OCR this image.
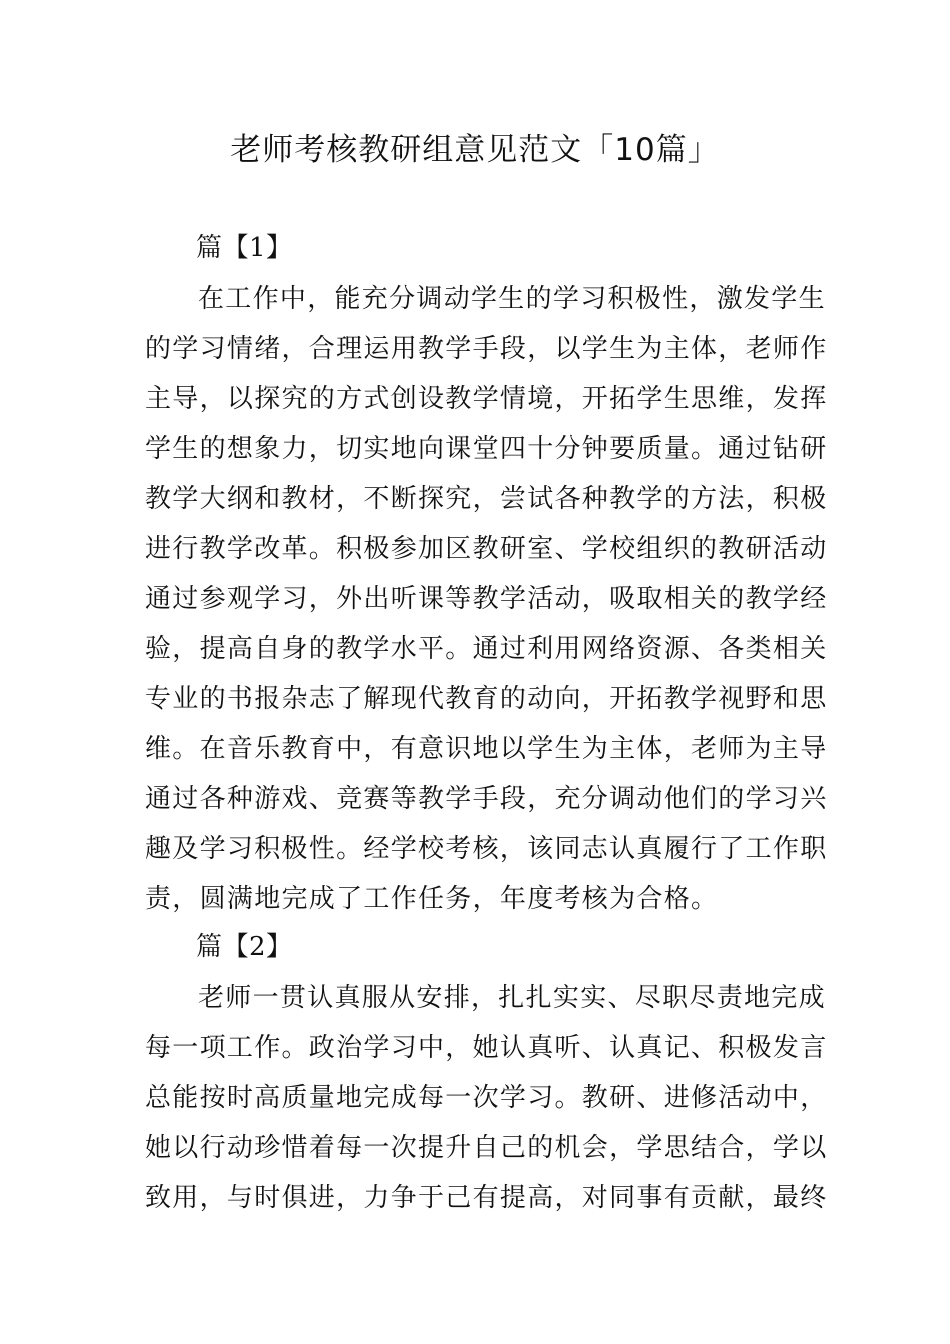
老师考核教研组意见范文「10篇」
篇【1】
在工作中，能充分调动学生的学习积极性，激发学生
的学习情绪，合理运用教学手段，以学生为主体，老师作
主导，以探究的方式创设教学情境，开拓学生思维，发挥
学生的想象力，切实地向课堂四十分钟要质量。通过钻研
教学大纲和教材，不断探究，尝试各种教学的方法，积极
进行教学改革。积极参加区教研室、学校组织的教研活动
通过参观学习，外出听课等教学活动，吸取相关的教学经
验，提高自身的教学水平。通过利用网络资源、各类相关
专业的书报杂志了解现代教育的动向，开拓教学视野和思
维。在音乐教育中，有意识地以学生为主体，老师为主导
通过各种游戏、竞赛等教学手段，充分调动他们的学习兴
趣及学习积极性。经学校考核，该同志认真履行了工作职
责，圆满地完成了工作任务，年度考核为合格。
篇【2】
老师一贯认真服从安排，扎扎实实、尽职尽责地完成
每一项工作。政治学习中，她认真听、认真记、积极发言
总能按时高质量地完成每一次学习。教研、进修活动中，
她以行动珍惜着每一次提升自己的机会，学思结合，学以
致用，与时俱进，力争于己有提高，对同事有贡献，最终
